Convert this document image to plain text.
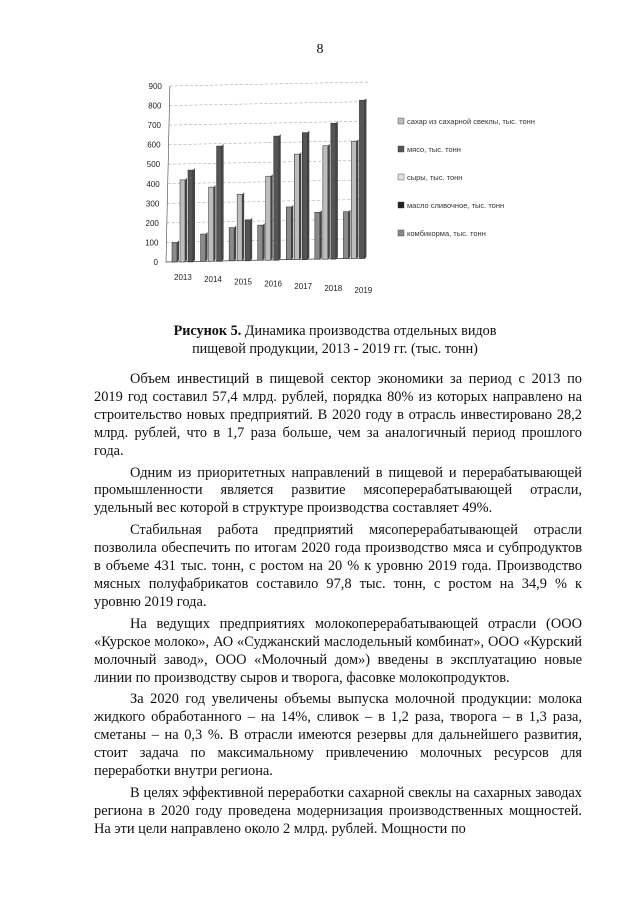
8
0
100
200
300
400
500
600
700
800
900
2013 2014 2015 2016 2017 2018 2019
сахар из сахарной свеклы, тыс. тонн
мясо, тыс. тонн
сыры, тыс. тонн
масло сливочное, тыс. тонн
комбикорма, тыс. тонн
Рисунок 5. Динамика производства отдельных видов
пищевой продукции, 2013 - 2019 гг. (тыс. тонн)

Объем инвестиций в пищевой сектор экономики за период с 2013 по 2019 год составил 57,4 млрд. рублей, порядка 80% из которых направлено на строительство новых предприятий. В 2020 году в отрасль инвестировано 28,2 млрд. рублей, что в 1,7 раза больше, чем за аналогичный период прошлого года.

Одним из приоритетных направлений в пищевой и перерабатывающей промышленности является развитие мясоперерабатывающей отрасли, удельный вес которой в структуре производства составляет 49%.

Стабильная работа предприятий мясоперерабатывающей отрасли позволила обеспечить по итогам 2020 года производство мяса и субпродуктов в объеме 431 тыс. тонн, с ростом на 20 % к уровню 2019 года. Производство мясных полуфабрикатов составило 97,8 тыс. тонн, с ростом на 34,9 % к уровню 2019 года.

На ведущих предприятиях молокоперерабатывающей отрасли (ООО «Курское молоко», АО «Суджанский маслодельный комбинат», ООО «Курский молочный завод», ООО «Молочный дом») введены в эксплуатацию новые линии по производству сыров и творога, фасовке молокопродуктов.

За 2020 год увеличены объемы выпуска молочной продукции: молока жидкого обработанного – на 14%, сливок – в 1,2 раза, творога – в 1,3 раза, сметаны – на 0,3 %. В отрасли имеются резервы для дальнейшего развития, стоит задача по максимальному привлечению молочных ресурсов для переработки внутри региона.

В целях эффективной переработки сахарной свеклы на сахарных заводах региона в 2020 году проведена модернизация производственных мощностей. На эти цели направлено около 2 млрд. рублей. Мощности по
